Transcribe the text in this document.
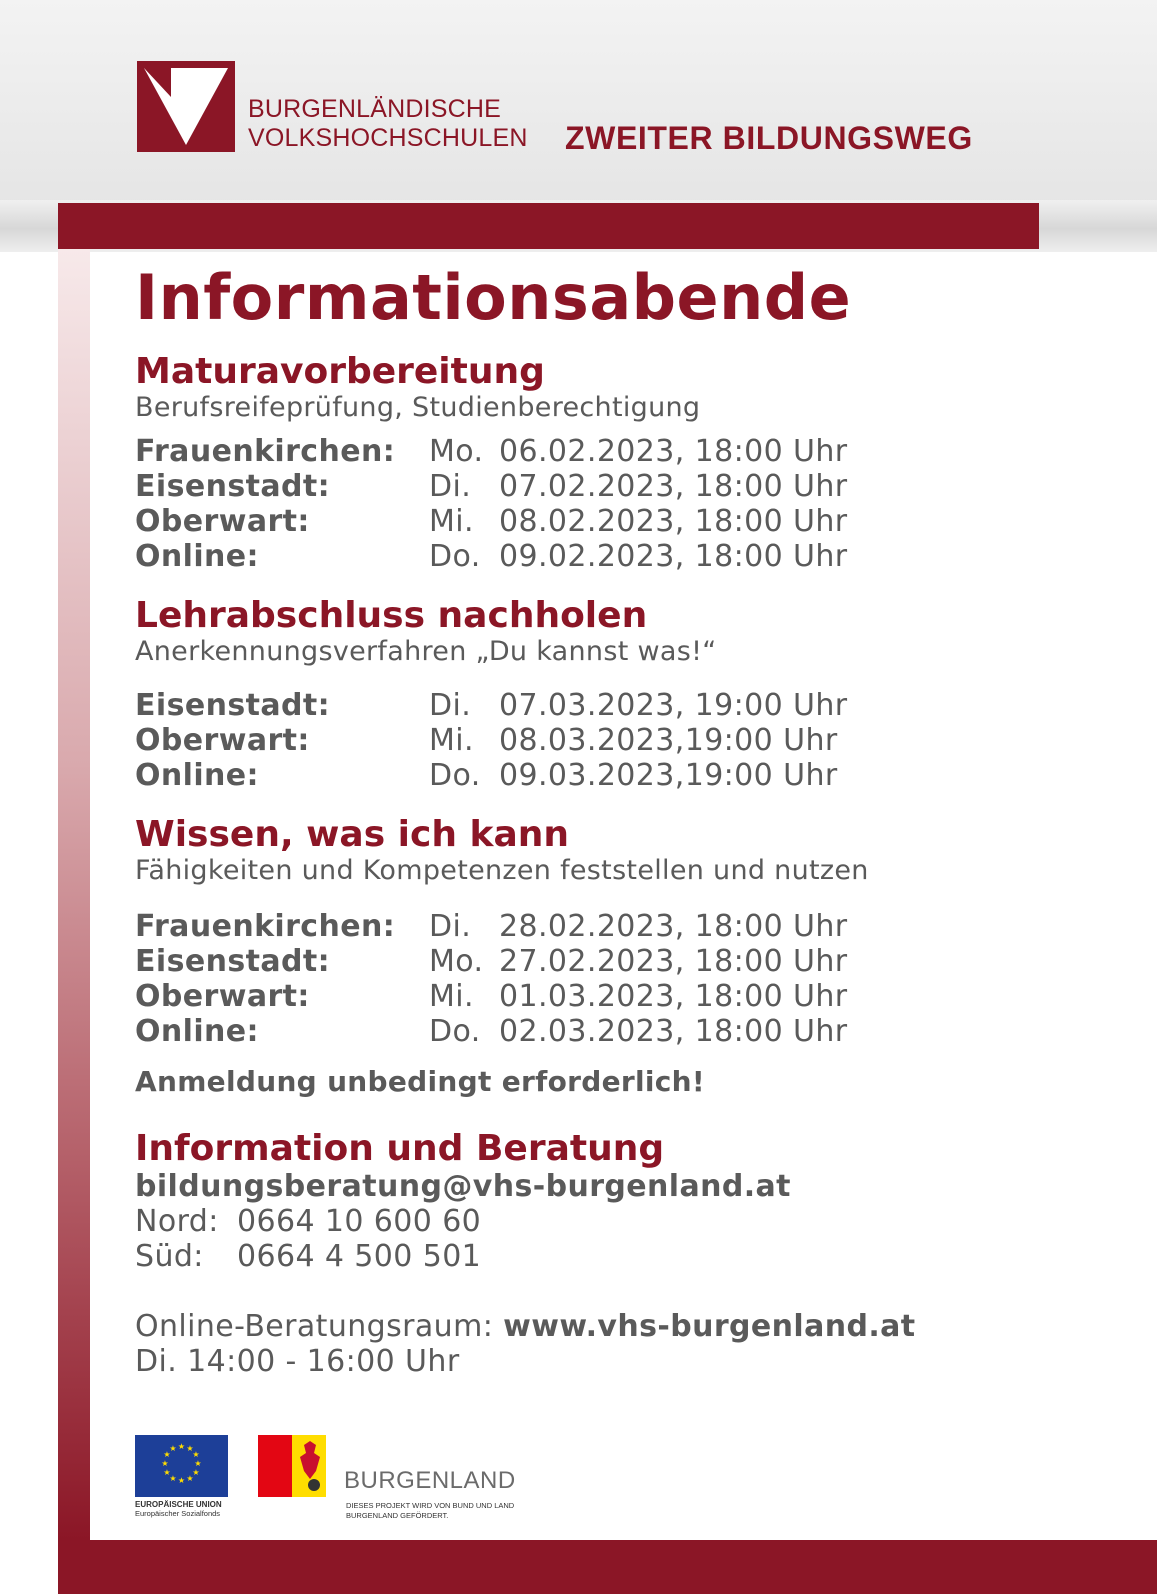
BURGENLÄNDISCHE
VOLKSHOCHSCHULEN ZWEITER BILDUNGSWEG
Informationsabende
Maturavorbereitung
Berufsreifeprüfung, Studienberechtigung
Frauenkirchen:	Mo. 06.02.2023, 18:00 Uhr
Eisenstadt:	Di. 07.02.2023, 18:00 Uhr
Oberwart:	Mi. 08.02.2023, 18:00 Uhr
Online:	Do. 09.02.2023, 18:00 Uhr
Lehrabschluss nachholen
Anerkennungsverfahren „Du kannst was!“
Eisenstadt:	Di. 07.03.2023, 19:00 Uhr
Oberwart:	Mi. 08.03.2023,19:00 Uhr
Online:	Do. 09.03.2023,19:00 Uhr
Wissen, was ich kann
Fähigkeiten und Kompetenzen feststellen und nutzen
Frauenkirchen:	Di. 28.02.2023, 18:00 Uhr
Eisenstadt:	Mo. 27.02.2023, 18:00 Uhr
Oberwart:	Mi. 01.03.2023, 18:00 Uhr
Online:	Do. 02.03.2023, 18:00 Uhr
Anmeldung unbedingt erforderlich!
Information und Beratung
bildungsberatung@vhs-burgenland.at
Nord: 0664 10 600 60
Süd: 0664 4 500 501
Online-Beratungsraum: www.vhs-burgenland.at
Di. 14:00 - 16:00 Uhr
★ ★
★
★
★
★
★
★
★
★
★
★
EUROPÄISCHE UNION
Europäischer Sozialfonds
BURGENLAND
DIESES PROJEKT WIRD VON BUND UND LAND BURGENLAND GEFÖRDERT.
